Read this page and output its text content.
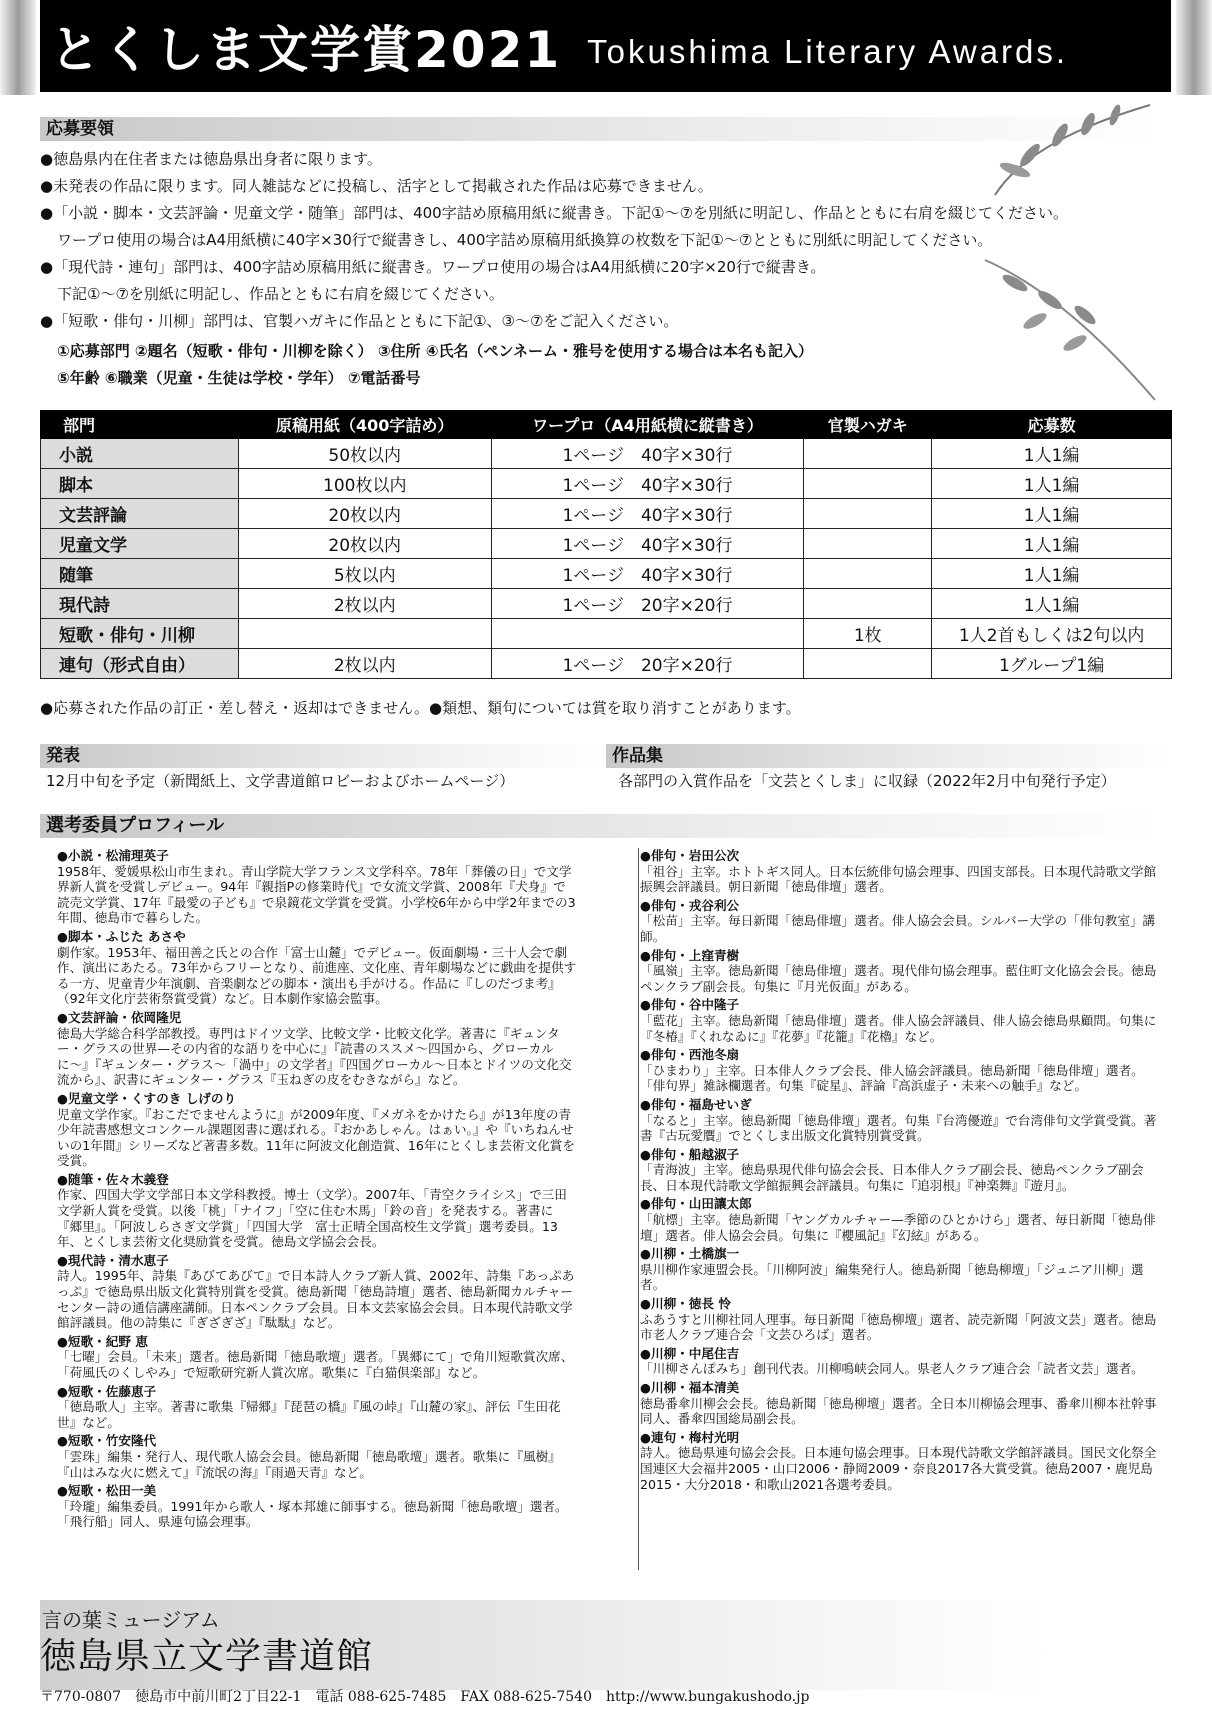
とくしま文学賞2021 Tokushima Literary Awards.
応募要領
●徳島県内在住者または徳島県出身者に限ります。
●未発表の作品に限ります。同人雑誌などに投稿し、活字として掲載された作品は応募できません。
●「小説・脚本・文芸評論・児童文学・随筆」部門は、400字詰め原稿用紙に縦書き。下記①〜⑦を別紙に明記し、作品とともに右肩を綴じてください。
ワープロ使用の場合はA4用紙横に40字×30行で縦書きし、400字詰め原稿用紙換算の枚数を下記①〜⑦とともに別紙に明記してください。
●「現代詩・連句」部門は、400字詰め原稿用紙に縦書き。ワープロ使用の場合はA4用紙横に20字×20行で縦書き。
下記①〜⑦を別紙に明記し、作品とともに右肩を綴じてください。
●「短歌・俳句・川柳」部門は、官製ハガキに作品とともに下記①、③〜⑦をご記入ください。
①応募部門 ②題名（短歌・俳句・川柳を除く） ③住所 ④氏名（ペンネーム・雅号を使用する場合は本名も記入）
⑤年齢 ⑥職業（児童・生徒は学校・学年） ⑦電話番号
部門	原稿用紙（400字詰め）	ワープロ（A4用紙横に縦書き）	官製ハガキ	応募数
小説	50枚以内	1ページ　40字×30行		1人1編
脚本	100枚以内	1ページ　40字×30行		1人1編
文芸評論	20枚以内	1ページ　40字×30行		1人1編
児童文学	20枚以内	1ページ　40字×30行		1人1編
随筆	5枚以内	1ページ　40字×30行		1人1編
現代詩	2枚以内	1ページ　20字×20行		1人1編
短歌・俳句・川柳			1枚	1人2首もしくは2句以内
連句（形式自由）	2枚以内	1ページ　20字×20行		1グループ1編
●応募された作品の訂正・差し替え・返却はできません。●類想、類句については賞を取り消すことがあります。
発表
12月中旬を予定（新聞紙上、文学書道館ロビーおよびホームページ）
作品集
各部門の入賞作品を「文芸とくしま」に収録（2022年2月中旬発行予定）
選考委員プロフィール
●小説・松浦理英子
1958年、愛媛県松山市生まれ。青山学院大学フランス文学科卒。78年「葬儀の日」で文学界新人賞を受賞しデビュー。94年『親指Pの修業時代』で女流文学賞、2008年『犬身』で読売文学賞、17年『最愛の子ども』で泉鏡花文学賞を受賞。小学校6年から中学2年までの3年間、徳島市で暮らした。
●脚本・ふじた あさや
劇作家。1953年、福田善之氏との合作「富士山麓」でデビュー。仮面劇場・三十人会で劇作、演出にあたる。73年からフリーとなり、前進座、文化座、青年劇場などに戯曲を提供する一方、児童青少年演劇、音楽劇などの脚本・演出も手がける。作品に『しのだづま考』（92年文化庁芸術祭賞受賞）など。日本劇作家協会監事。
●文芸評論・依岡隆児
徳島大学総合科学部教授。専門はドイツ文学、比較文学・比較文化学。著書に『ギュンター・グラスの世界—その内省的な語りを中心に』『読書のススメ〜四国から、グローカルに〜』『ギュンター・グラス〜「渦中」の文学者』『四国グローカル〜日本とドイツの文化交流から』、訳書にギュンター・グラス『玉ねぎの皮をむきながら』など。
●児童文学・くすのき しげのり
児童文学作家。『おこだでませんように』が2009年度、『メガネをかけたら』が13年度の青少年読書感想文コンクール課題図書に選ばれる。『おかあしゃん。はぁい。』や『いちねんせいの1年間』シリーズなど著書多数。11年に阿波文化創造賞、16年にとくしま芸術文化賞を受賞。
●随筆・佐々木義登
作家、四国大学文学部日本文学科教授。博士（文学）。2007年、「青空クライシス」で三田文学新人賞を受賞。以後「桃」「ナイフ」「空に住む木馬」「鈴の音」を発表する。著書に『郷里』。「阿波しらさぎ文学賞」「四国大学　富士正晴全国高校生文学賞」選考委員。13年、とくしま芸術文化奨励賞を受賞。徳島文学協会会長。
●現代詩・清水恵子
詩人。1995年、詩集『あびてあびて』で日本詩人クラブ新人賞、2002年、詩集『あっぷあっぷ』で徳島県出版文化賞特別賞を受賞。徳島新聞「徳島詩壇」選者、徳島新聞カルチャーセンター詩の通信講座講師。日本ペンクラブ会員。日本文芸家協会会員。日本現代詩歌文学館評議員。他の詩集に『ぎざぎざ』『駄駄』など。
●短歌・紀野 恵
「七曜」会員。「未来」選者。徳島新聞「徳島歌壇」選者。「異郷にて」で角川短歌賞次席、「荷風氏のくしやみ」で短歌研究新人賞次席。歌集に『白猫倶楽部』など。
●短歌・佐藤恵子
「徳島歌人」主宰。著書に歌集『帰郷』『琵琶の橋』『風の峠』『山麓の家』、評伝『生田花世』など。
●短歌・竹安隆代
「雲珠」編集・発行人、現代歌人協会会員。徳島新聞「徳島歌壇」選者。歌集に『風樹』『山はみな火に燃えて』『流氓の海』『雨過天青』など。
●短歌・松田一美
「玲瓏」編集委員。1991年から歌人・塚本邦雄に師事する。徳島新聞「徳島歌壇」選者。「飛行船」同人、県連句協会理事。
●俳句・岩田公次
「祖谷」主宰。ホトトギス同人。日本伝統俳句協会理事、四国支部長。日本現代詩歌文学館振興会評議員。朝日新聞「徳島俳壇」選者。
●俳句・戎谷利公
「松苗」主宰。毎日新聞「徳島俳壇」選者。俳人協会会員。シルバー大学の「俳句教室」講師。
●俳句・上窪青樹
「風嶺」主宰。徳島新聞「徳島俳壇」選者。現代俳句協会理事。藍住町文化協会会長。徳島ペンクラブ副会長。句集に『月光仮面』がある。
●俳句・谷中隆子
「藍花」主宰。徳島新聞「徳島俳壇」選者。俳人協会評議員、俳人協会徳島県顧問。句集に『冬椿』『くれなゐに』『花夢』『花籠』『花櫓』など。
●俳句・西池冬扇
「ひまわり」主宰。日本俳人クラブ会長、俳人協会評議員。徳島新聞「徳島俳壇」選者。「俳句界」雑詠欄選者。句集『碇星』、評論『高浜虚子・未来への触手』など。
●俳句・福島せいぎ
「なると」主宰。徳島新聞「徳島俳壇」選者。句集『台湾優遊』で台湾俳句文学賞受賞。著書『古玩愛贋』でとくしま出版文化賞特別賞受賞。
●俳句・船越淑子
「青海波」主宰。徳島県現代俳句協会会長、日本俳人クラブ副会長、徳島ペンクラブ副会長、日本現代詩歌文学館振興会評議員。句集に『追羽根』『神楽舞』『遊月』。
●俳句・山田讓太郎
「航標」主宰。徳島新聞「ヤングカルチャー—季節のひとかけら」選者、毎日新聞「徳島俳壇」選者。俳人協会会員。句集に『櫻風記』『幻絃』がある。
●川柳・土橋旗一
県川柳作家連盟会長。「川柳阿波」編集発行人。徳島新聞「徳島柳壇」「ジュニア川柳」選者。
●川柳・徳長 怜
ふあうすと川柳社同人理事。毎日新聞「徳島柳壇」選者、読売新聞「阿波文芸」選者。徳島市老人クラブ連合会「文芸ひろば」選者。
●川柳・中尾住吉
「川柳さんぽみち」創刊代表。川柳鳴峡会同人。県老人クラブ連合会「読者文芸」選者。
●川柳・福本清美
徳島番傘川柳会会長。徳島新聞「徳島柳壇」選者。全日本川柳協会理事、番傘川柳本社幹事同人、番傘四国総局副会長。
●連句・梅村光明
詩人。徳島県連句協会会長。日本連句協会理事。日本現代詩歌文学館評議員。国民文化祭全国連区大会福井2005・山口2006・静岡2009・奈良2017各大賞受賞。徳島2007・鹿児島2015・大分2018・和歌山2021各選考委員。
言の葉ミュージアム
徳島県立文学書道館
〒770-0807　徳島市中前川町2丁目22-1　電話 088-625-7485　FAX 088-625-7540　http://www.bungakushodo.jp
